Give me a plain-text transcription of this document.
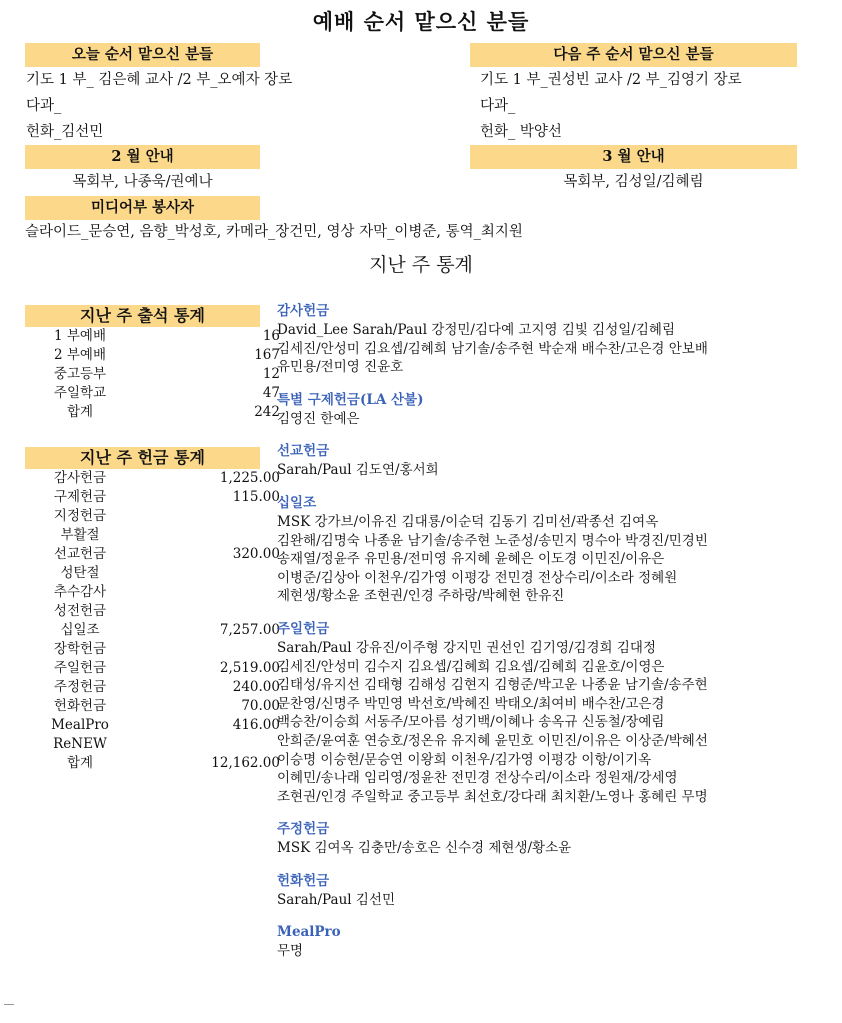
예배 순서 맡으신 분들
오늘 순서 맡으신 분들
기도 1 부_ 김은혜 교사 /2 부_오예자 장로
다과_
헌화_김선민
다음 주 순서 맡으신 분들
기도 1 부_권성빈 교사 /2 부_김영기 장로
다과_
헌화_ 박양선
2 월 안내
목회부, 나종욱/권예나
3 월 안내
목회부, 김성일/김혜림
미디어부 봉사자
슬라이드_문승연, 음향_박성호, 카메라_장건민, 영상 자막_이병준, 통역_최지원
지난 주 통계
지난 주 출석 통계
1 부예배	16
2 부예배	167
중고등부	12
주일학교	47
합계	242
지난 주 헌금 통계
감사헌금	1,225.00
구제헌금	115.00
지정헌금	
부활절	
선교헌금	320.00
성탄절	
추수감사	
성전헌금	
십일조	7,257.00
장학헌금	
주일헌금	2,519.00
주정헌금	240.00
헌화헌금	70.00
MealPro	416.00
ReNEW	
합계	12,162.00
감사헌금
David_Lee Sarah/Paul 강정민/김다예 고지영 김빛 김성일/김혜림
김세진/안성미 김요셉/김혜희 남기솔/송주현 박순재 배수찬/고은경 안보배
유민용/전미영 진윤호
특별 구제헌금(LA 산불)
김영진 한예은
선교헌금
Sarah/Paul 김도연/홍서희
십일조
MSK 강가브/이유진 김대룡/이순덕 김동기 김미선/곽종선 김여옥
김완해/김명숙 나종윤 남기솔/송주현 노준성/송민지 명수아 박경진/민경빈
송재열/정윤주 유민용/전미영 유지혜 윤혜은 이도경 이민진/이유은
이병준/김상아 이천우/김가영 이평강 전민경 전상수리/이소라 정혜원
제현생/황소윤 조현권/인경 주하랑/박혜현 한유진
주일헌금
Sarah/Paul 강유진/이주형 강지민 권선인 김기영/김경희 김대정
김세진/안성미 김수지 김요셉/김혜희 김요셉/김혜희 김윤호/이영은
김태성/유지선 김태형 김해성 김현지 김형준/박고운 나종윤 남기솔/송주현
문찬영/신명주 박민영 박선호/박혜진 박태오/최여비 배수찬/고은경
백승찬/이승희 서동주/모아름 성기백/이혜나 송옥규 신동철/장예림
안희준/윤여훈 연승호/정온유 유지혜 윤민호 이민진/이유은 이상준/박혜선
이승명 이승현/문승연 이왕희 이천우/김가영 이평강 이항/이기옥
이혜민/송나래 임리영/정윤찬 전민경 전상수리/이소라 정원재/강세영
조현권/인경 주일학교 중고등부 최선호/강다래 최치환/노영나 홍혜린 무명
주정헌금
MSK 김여옥 김충만/송호은 신수경 제현생/황소윤
헌화헌금
Sarah/Paul 김선민
MealPro
무명
